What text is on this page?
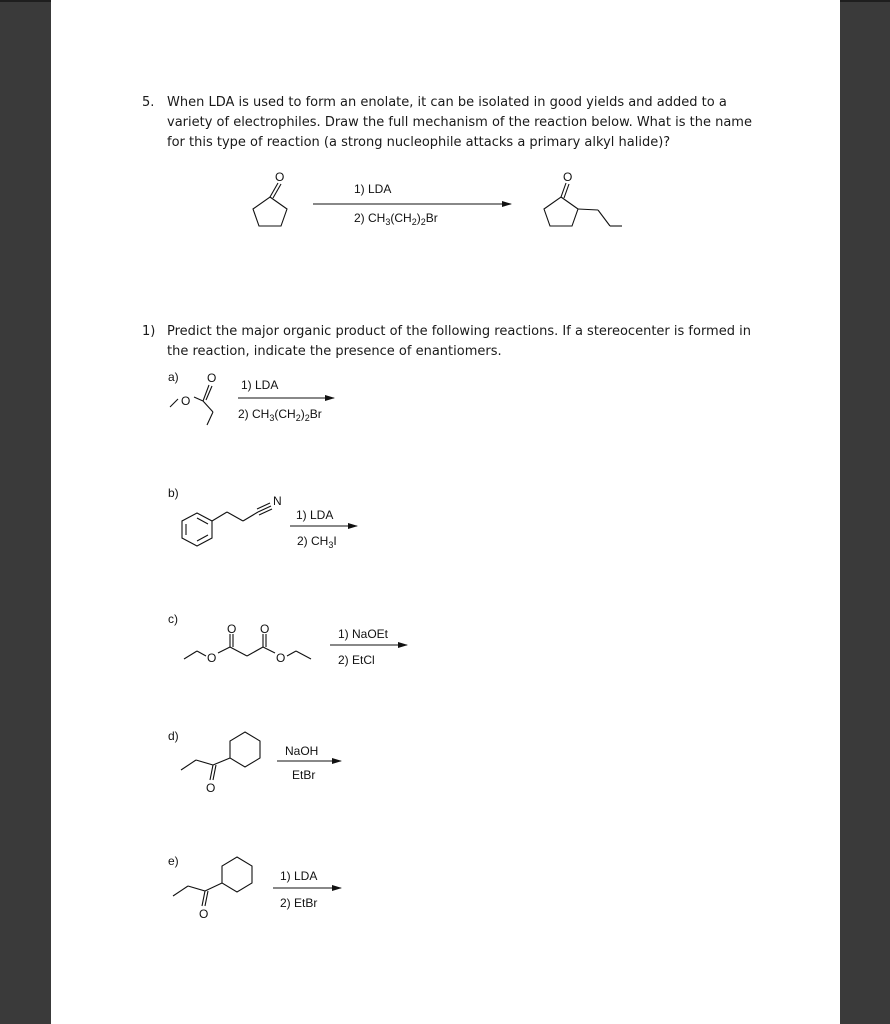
5. When LDA is used to form an enolate, it can be isolated in good yields and added to a
variety of electrophiles. Draw the full mechanism of the reaction below. What is the name
for this type of reaction (a strong nucleophile attacks a primary alkyl halide)?
1) Predict the major organic product of the following reactions. If a stereocenter is formed in
the reaction, indicate the presence of enantiomers.
O
1) LDA
2) $CH_3(CH_2)_2Br$
O
a)
O
O 1) LDA
2) $CH_3(CH_2)_2Br$
b)
N
1) LDA
2) $CH_3I$
c)
O
O O
O
1) NaOEt
2) EtCl
d)
O
NaOH
EtBr
e)
O
1) LDA
2) EtBr
